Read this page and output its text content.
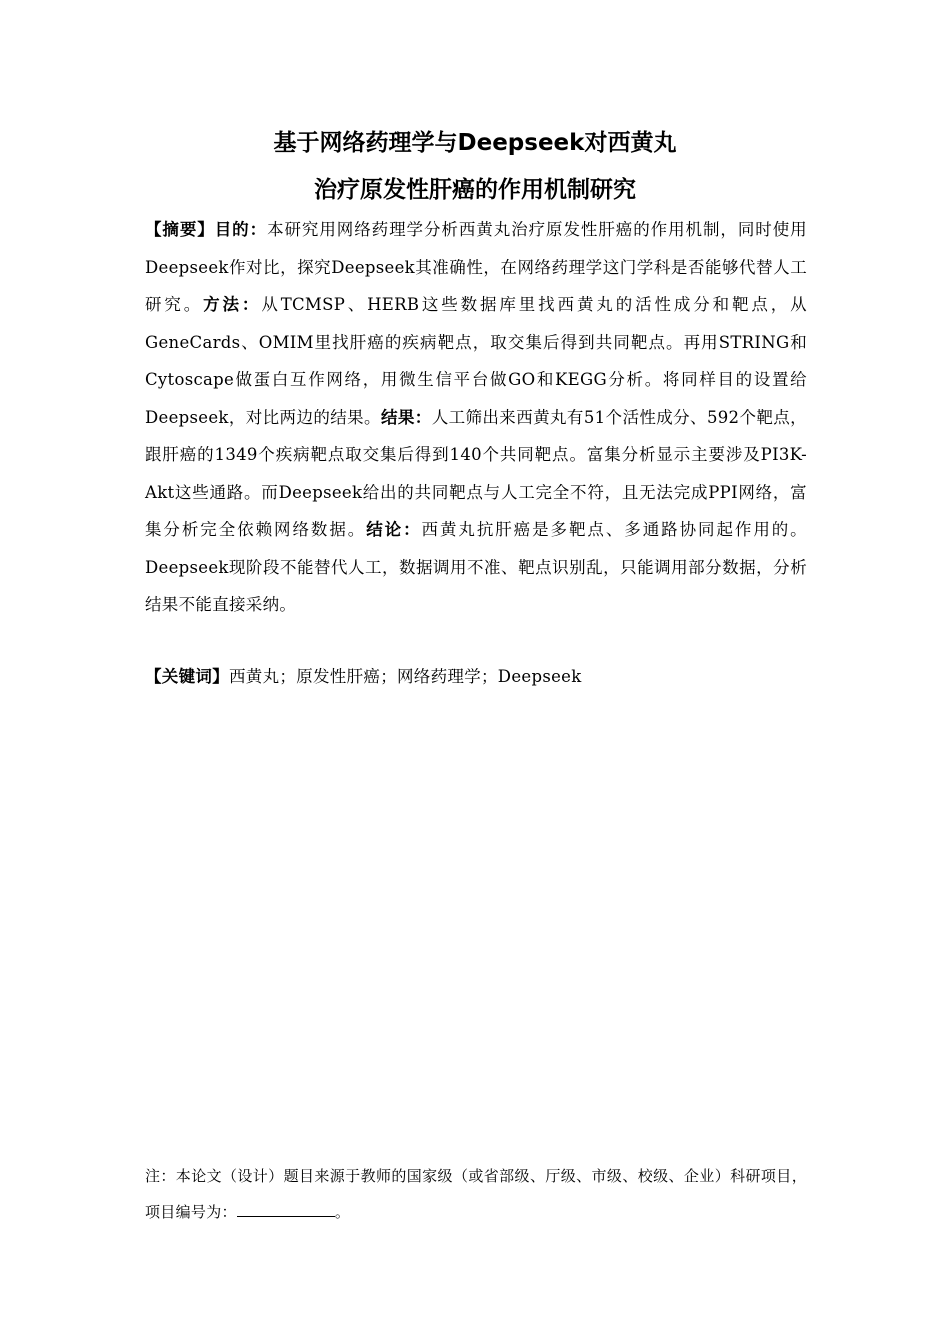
基于网络药理学与Deepseek对西黄丸
治疗原发性肝癌的作用机制研究

【摘要】目的：本研究用网络药理学分析西黄丸治疗原发性肝癌的作用机制，同时使用Deepseek作对比，探究Deepseek其准确性，在网络药理学这门学科是否能够代替人工研究。方法：从TCMSP、HERB这些数据库里找西黄丸的活性成分和靶点，从GeneCards、OMIM里找肝癌的疾病靶点，取交集后得到共同靶点。再用STRING和Cytoscape做蛋白互作网络，用微生信平台做GO和KEGG分析。将同样目的设置给Deepseek，对比两边的结果。结果：人工筛出来西黄丸有51个活性成分、592个靶点，跟肝癌的1349个疾病靶点取交集后得到140个共同靶点。富集分析显示主要涉及PI3K-Akt这些通路。而Deepseek给出的共同靶点与人工完全不符，且无法完成PPI网络，富集分析完全依赖网络数据。结论：西黄丸抗肝癌是多靶点、多通路协同起作用的。Deepseek现阶段不能替代人工，数据调用不准、靶点识别乱，只能调用部分数据，分析结果不能直接采纳。

【关键词】西黄丸；原发性肝癌；网络药理学；Deepseek

注：本论文（设计）题目来源于教师的国家级（或省部级、厅级、市级、校级、企业）科研项目，项目编号为：	。
